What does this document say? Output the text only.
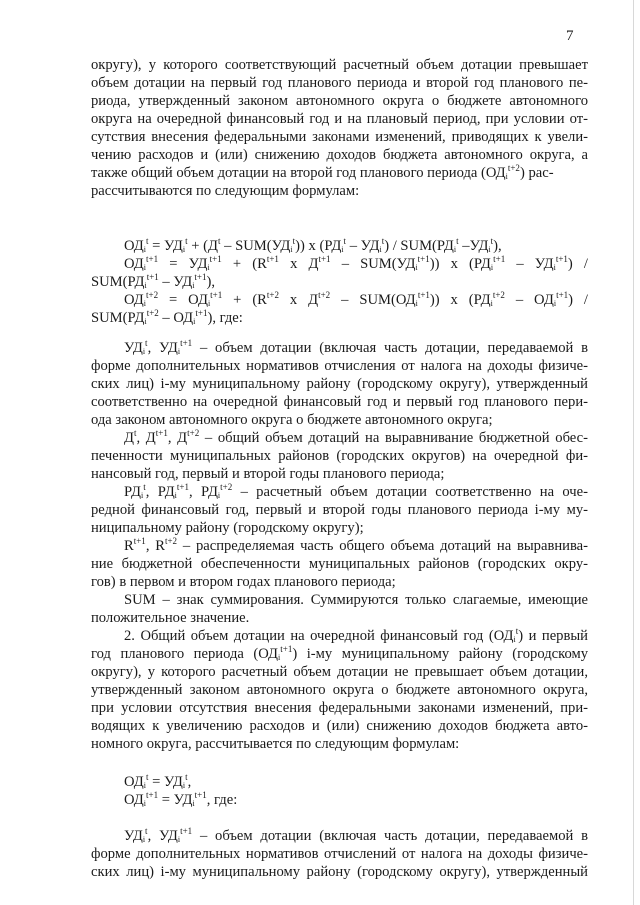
7
округу), у которого соответствующий расчетный объем дотации превышает
объем дотации на первый год планового периода и второй год планового пе-
риода, утвержденный законом автономного округа о бюджете автономного
округа на очередной финансовый год и на плановый период, при условии от-
сутствия внесения федеральными законами изменений, приводящих к увели-
чению расходов и (или) снижению доходов бюджета автономного округа, а
также общий объем дотации на второй год планового периода $(ОД_i^{t+2})$ рас-
рассчитываются по следующим формулам:
$ОД_i^t = УД_i^t + (Д^t - SUM(УД_i^t))$ x $(РД_i^t - УД_i^t) / SUM(РД_i^t$ $-УД_i^t$),
$ОД_i^{t+1} = УД_i^{t+1} + (R^{t+1}$ x $Д^{t+1} - SUM(УД_i^{t+1})$) x $(РД_i^{t+1} - УД_i^{t+1})$ /
$SUM(РД_i^{t+1} - УД_i^{t+1})$,
$ОД_i^{t+2} = ОД_i^{t+1} + (R^{t+2}$ x $Д^{t+2} - SUM(ОД_i^{t+1})$) x $(РД_i^{t+2} - ОД_i^{t+1})$ /
$SUM(РД_i^{t+2} - ОД_i^{t+1})$, где:
$УД_i^t$, $УД_i^{t+1}$ – объем дотации (включая часть дотации, передаваемой в
форме дополнительных нормативов отчисления от налога на доходы физиче-
ских лиц) i-му муниципальному району (городскому округу), утвержденный
соответственно на очередной финансовый год и первый год планового пери-
ода законом автономного округа о бюджете автономного округа;
$Д^t$, $Д^{t+1}$, $Д^{t+2}$ – общий объем дотаций на выравнивание бюджетной обес-
печенности муниципальных районов (городских округов) на очередной фи-
нансовый год, первый и второй годы планового периода;
$РД_i^t$, $РД_i^{t+1}$, $РД_i^{t+2}$ – расчетный объем дотации соответственно на оче-
редной финансовый год, первый и второй годы планового периода i-му му-
ниципальному району (городскому округу);
$R^{t+1}$, $R^{t+2}$ – распределяемая часть общего объема дотаций на выравнива-
ние бюджетной обеспеченности муниципальных районов (городских окру-
гов) в первом и втором годах планового периода;
SUM – знак суммирования. Суммируются только слагаемые, имеющие
положительное значение.
2. Общий объем дотации на очередной финансовый год $(ОД_i^t)$ и первый
год планового периода $(ОД_i^{t+1})$ i-му муниципальному району (городскому
округу), у которого расчетный объем дотации не превышает объем дотации,
утвержденный законом автономного округа о бюджете автономного округа,
при условии отсутствия внесения федеральными законами изменений, при-
водящих к увеличению расходов и (или) снижению доходов бюджета авто-
номного округа, рассчитывается по следующим формулам:
$ОД_i^t = УД_i^t$,
$ОД_i^{t+1} = УД_i^{t+1}$, где:
$УД_i^t$, $УД_i^{t+1}$ – объем дотации (включая часть дотации, передаваемой в
форме дополнительных нормативов отчислений от налога на доходы физиче-
ских лиц) i-му муниципальному району (городскому округу), утвержденный
